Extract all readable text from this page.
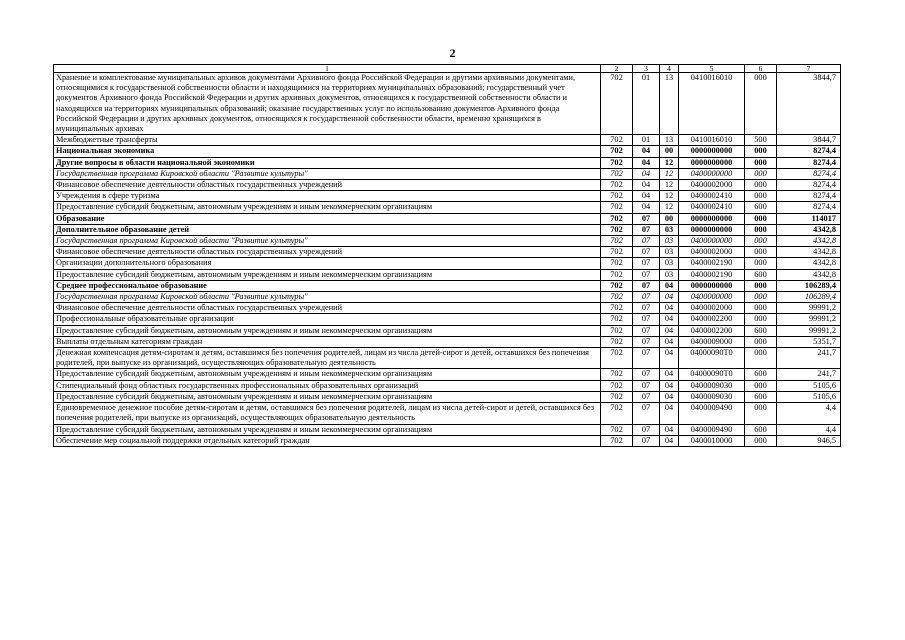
2
1	2	3	4	5	6	7
Хранение и комплектование муниципальных архивов документами Архивного фонда Российской Федерации и другими архивными документами, относящимися к государственной собственности области и находящимися на территориях муниципальных образований; государственный учет документов Архивного фонда Российской Федерации и других архивных документов, относящихся к государственной собственности области и находящихся на территориях муниципальных образований; оказание государственных услуг по использованию документов Архивного фонда Российской Федерации и других архивных документов, относящихся к государственной собственности области, временно хранящихся в муниципальных архивах	702	01	13	0410016010	000	3844,7
Межбюджетные трансферты	702	01	13	0410016010	500	3844,7
Национальная экономика	702	04	00	0000000000	000	8274,4
Другие вопросы в области национальной экономики	702	04	12	0000000000	000	8274,4
Государственная программа Кировской области "Развитие культуры"	702	04	12	0400000000	000	8274,4
Финансовое обеспечение деятельности областных государственных учреждений	702	04	12	0400002000	000	8274,4
Учреждения в сфере туризма	702	04	12	0400002410	000	8274,4
Предоставление субсидий бюджетным, автономным учреждениям и иным некоммерческим организациям	702	04	12	0400002410	600	8274,4
Образование	702	07	00	0000000000	000	114017
Дополнительное образование детей	702	07	03	0000000000	000	4342,8
Государственная программа Кировской области "Развитие культуры"	702	07	03	0400000000	000	4342,8
Финансовое обеспечение деятельности областных государственных учреждений	702	07	03	0400002000	000	4342,8
Организации дополнительного образования	702	07	03	0400002190	000	4342,8
Предоставление субсидий бюджетным, автономным учреждениям и иным некоммерческим организациям	702	07	03	0400002190	600	4342,8
Среднее профессиональное образование	702	07	04	0000000000	000	106289,4
Государственная программа Кировской области "Развитие культуры"	702	07	04	0400000000	000	106289,4
Финансовое обеспечение деятельности областных государственных учреждений	702	07	04	0400002000	000	99991,2
Профессиональные образовательные организации	702	07	04	0400002200	000	99991,2
Предоставление субсидий бюджетным, автономным учреждениям и иным некоммерческим организациям	702	07	04	0400002200	600	99991,2
Выплаты отдельным категориям граждан	702	07	04	0400009000	000	5351,7
Денежная компенсация детям-сиротам и детям, оставшимся без попечения родителей, лицам из числа детей-сирот и детей, оставшихся без попечения родителей, при выпуске из организаций, осуществляющих образовательную деятельность	702	07	04	04000090Т0	000	241,7
Предоставление субсидий бюджетным, автономным учреждениям и иным некоммерческим организациям	702	07	04	04000090Т0	600	241,7
Стипендиальный фонд областных государственных профессиональных образовательных организаций	702	07	04	0400009030	000	5105,6
Предоставление субсидий бюджетным, автономным учреждениям и иным некоммерческим организациям	702	07	04	0400009030	600	5105,6
Единовременное денежное пособие детям-сиротам и детям, оставшимся без попечения родителей, лицам из числа детей-сирот и детей, оставшихся без попечения родителей, при выпуске из организаций, осуществляющих образовательную деятельность	702	07	04	0400009490	000	4,4
Предоставление субсидий бюджетным, автономным учреждениям и иным некоммерческим организациям	702	07	04	0400009490	600	4,4
Обеспечение мер социальной поддержки отдельных категорий граждан	702	07	04	0400010000	000	946,5
